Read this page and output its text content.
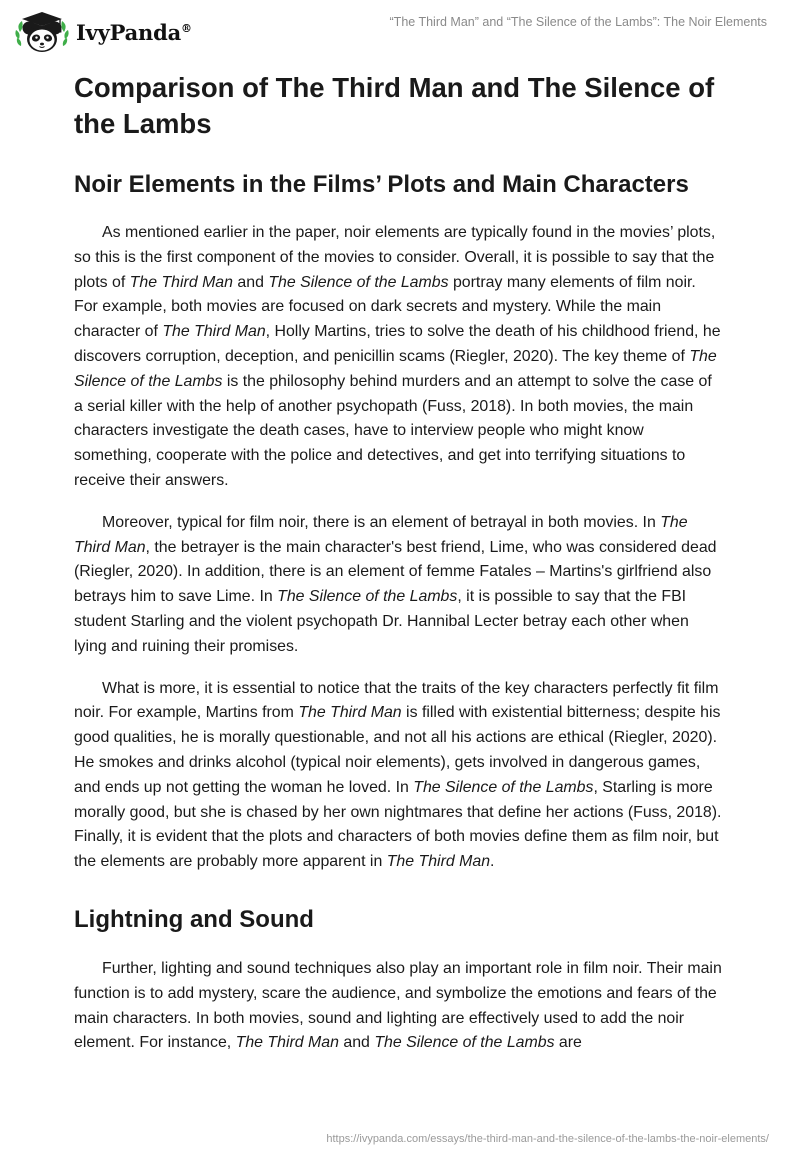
IvyPanda®	“The Third Man” and “The Silence of the Lambs”: The Noir Elements
Comparison of The Third Man and The Silence of the Lambs
Noir Elements in the Films’ Plots and Main Characters

As mentioned earlier in the paper, noir elements are typically found in the movies’ plots, so this is the first component of the movies to consider. Overall, it is possible to say that the plots of The Third Man and The Silence of the Lambs portray many elements of film noir. For example, both movies are focused on dark secrets and mystery. While the main character of The Third Man, Holly Martins, tries to solve the death of his childhood friend, he discovers corruption, deception, and penicillin scams (Riegler, 2020). The key theme of The Silence of the Lambs is the philosophy behind murders and an attempt to solve the case of a serial killer with the help of another psychopath (Fuss, 2018). In both movies, the main characters investigate the death cases, have to interview people who might know something, cooperate with the police and detectives, and get into terrifying situations to receive their answers.

Moreover, typical for film noir, there is an element of betrayal in both movies. In The Third Man, the betrayer is the main character's best friend, Lime, who was considered dead (Riegler, 2020). In addition, there is an element of femme Fatales – Martins's girlfriend also betrays him to save Lime. In The Silence of the Lambs, it is possible to say that the FBI student Starling and the violent psychopath Dr. Hannibal Lecter betray each other when lying and ruining their promises.

What is more, it is essential to notice that the traits of the key characters perfectly fit film noir. For example, Martins from The Third Man is filled with existential bitterness; despite his good qualities, he is morally questionable, and not all his actions are ethical (Riegler, 2020). He smokes and drinks alcohol (typical noir elements), gets involved in dangerous games, and ends up not getting the woman he loved. In The Silence of the Lambs, Starling is more morally good, but she is chased by her own nightmares that define her actions (Fuss, 2018). Finally, it is evident that the plots and characters of both movies define them as film noir, but the elements are probably more apparent in The Third Man.

Lightning and Sound

Further, lighting and sound techniques also play an important role in film noir. Their main function is to add mystery, scare the audience, and symbolize the emotions and fears of the main characters. In both movies, sound and lighting are effectively used to add the noir element. For instance, The Third Man and The Silence of the Lambs are

https://ivypanda.com/essays/the-third-man-and-the-silence-of-the-lambs-the-noir-elements/
